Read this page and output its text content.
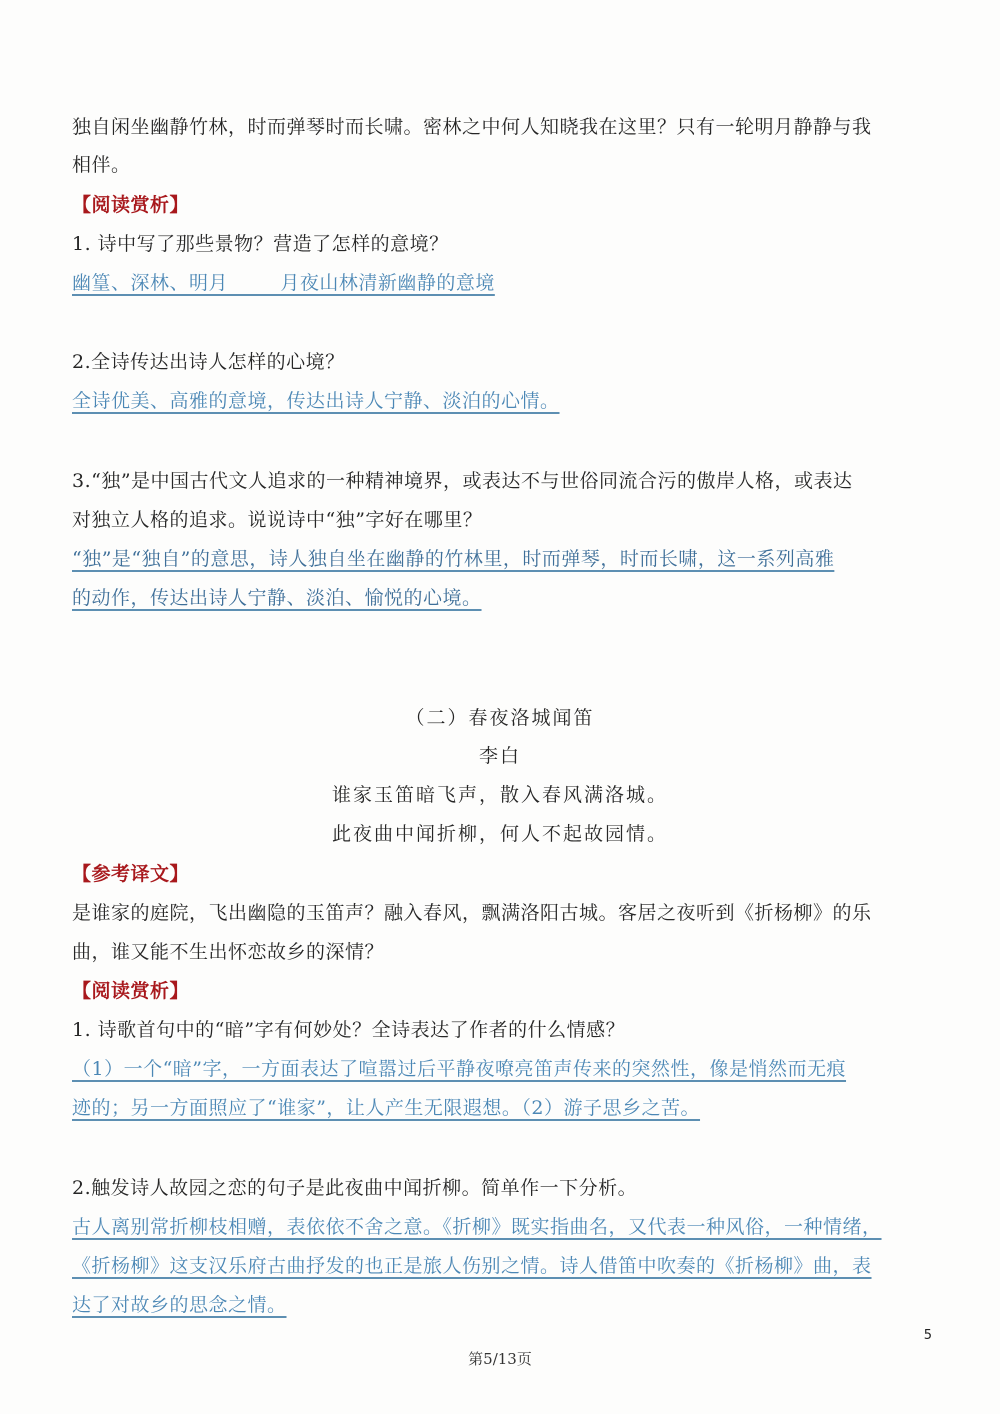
独自闲坐幽静竹林，时而弹琴时而长啸。密林之中何人知晓我在这里？只有一轮明月静静与我
相伴。
【阅读赏析】
1. 诗中写了那些景物？营造了怎样的意境？
幽篁、深林、明月        月夜山林清新幽静的意境
2.全诗传达出诗人怎样的心境？
全诗优美、高雅的意境，传达出诗人宁静、淡泊的心情。
3.“独”是中国古代文人追求的一种精神境界，或表达不与世俗同流合污的傲岸人格，或表达
对独立人格的追求。说说诗中“独”字好在哪里？
“独”是“独自”的意思，诗人独自坐在幽静的竹林里，时而弹琴，时而长啸，这一系列高雅
的动作，传达出诗人宁静、淡泊、愉悦的心境。
（二）春夜洛城闻笛
李白
谁家玉笛暗飞声，散入春风满洛城。
此夜曲中闻折柳，何人不起故园情。
【参考译文】
是谁家的庭院，飞出幽隐的玉笛声？融入春风，飘满洛阳古城。客居之夜听到《折杨柳》的乐
曲，谁又能不生出怀恋故乡的深情？
【阅读赏析】
1. 诗歌首句中的“暗”字有何妙处？全诗表达了作者的什么情感？
（1）一个“暗”字，一方面表达了喧嚣过后平静夜嘹亮笛声传来的突然性，像是悄然而无痕
迹的；另一方面照应了“谁家”，让人产生无限遐想。（2）游子思乡之苦。
2.触发诗人故园之恋的句子是此夜曲中闻折柳。简单作一下分析。
古人离别常折柳枝相赠，表依依不舍之意。《折柳》既实指曲名，又代表一种风俗，一种情绪，
《折杨柳》这支汉乐府古曲抒发的也正是旅人伤别之情。诗人借笛中吹奏的《折杨柳》曲，表
达了对故乡的思念之情。
5
第5/13页
